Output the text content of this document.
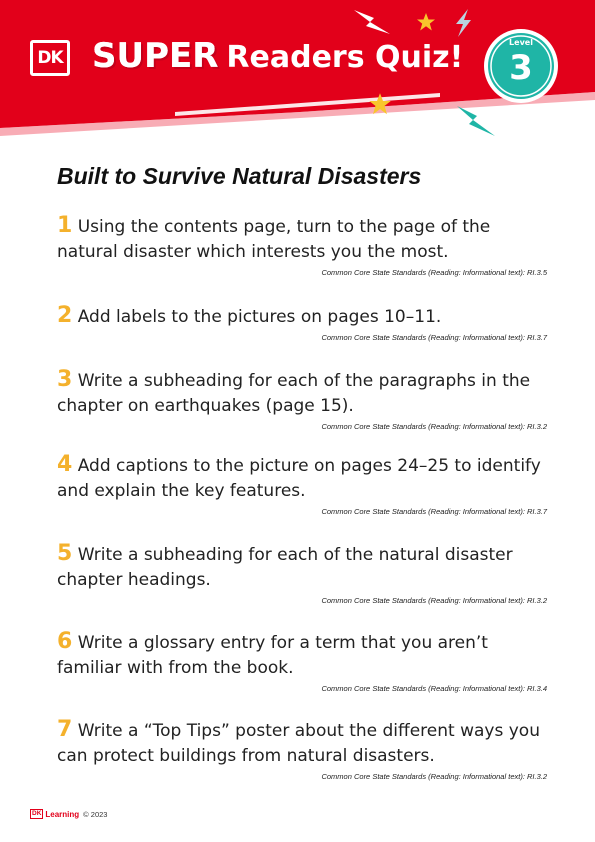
DK SUPER Readers Quiz!	Level
3
Built to Survive Natural Disasters

1 Using the contents page, turn to the page of the natural disaster which interests you the most.

Common Core State Standards (Reading: Informational text): RI.3.5

2 Add labels to the pictures on pages 10–11.

Common Core State Standards (Reading: Informational text): RI.3.7

3 Write a subheading for each of the paragraphs in the chapter on earthquakes (page 15).

Common Core State Standards (Reading: Informational text): RI.3.2

4 Add captions to the picture on pages 24–25 to identify and explain the key features.

Common Core State Standards (Reading: Informational text): RI.3.7

5 Write a subheading for each of the natural disaster chapter headings.

Common Core State Standards (Reading: Informational text): RI.3.2

6 Write a glossary entry for a term that you aren’t familiar with from the book.

Common Core State Standards (Reading: Informational text): RI.3.4

7 Write a “Top Tips” poster about the different ways you can protect buildings from natural disasters.

Common Core State Standards (Reading: Informational text): RI.3.2
DK Learning © 2023
